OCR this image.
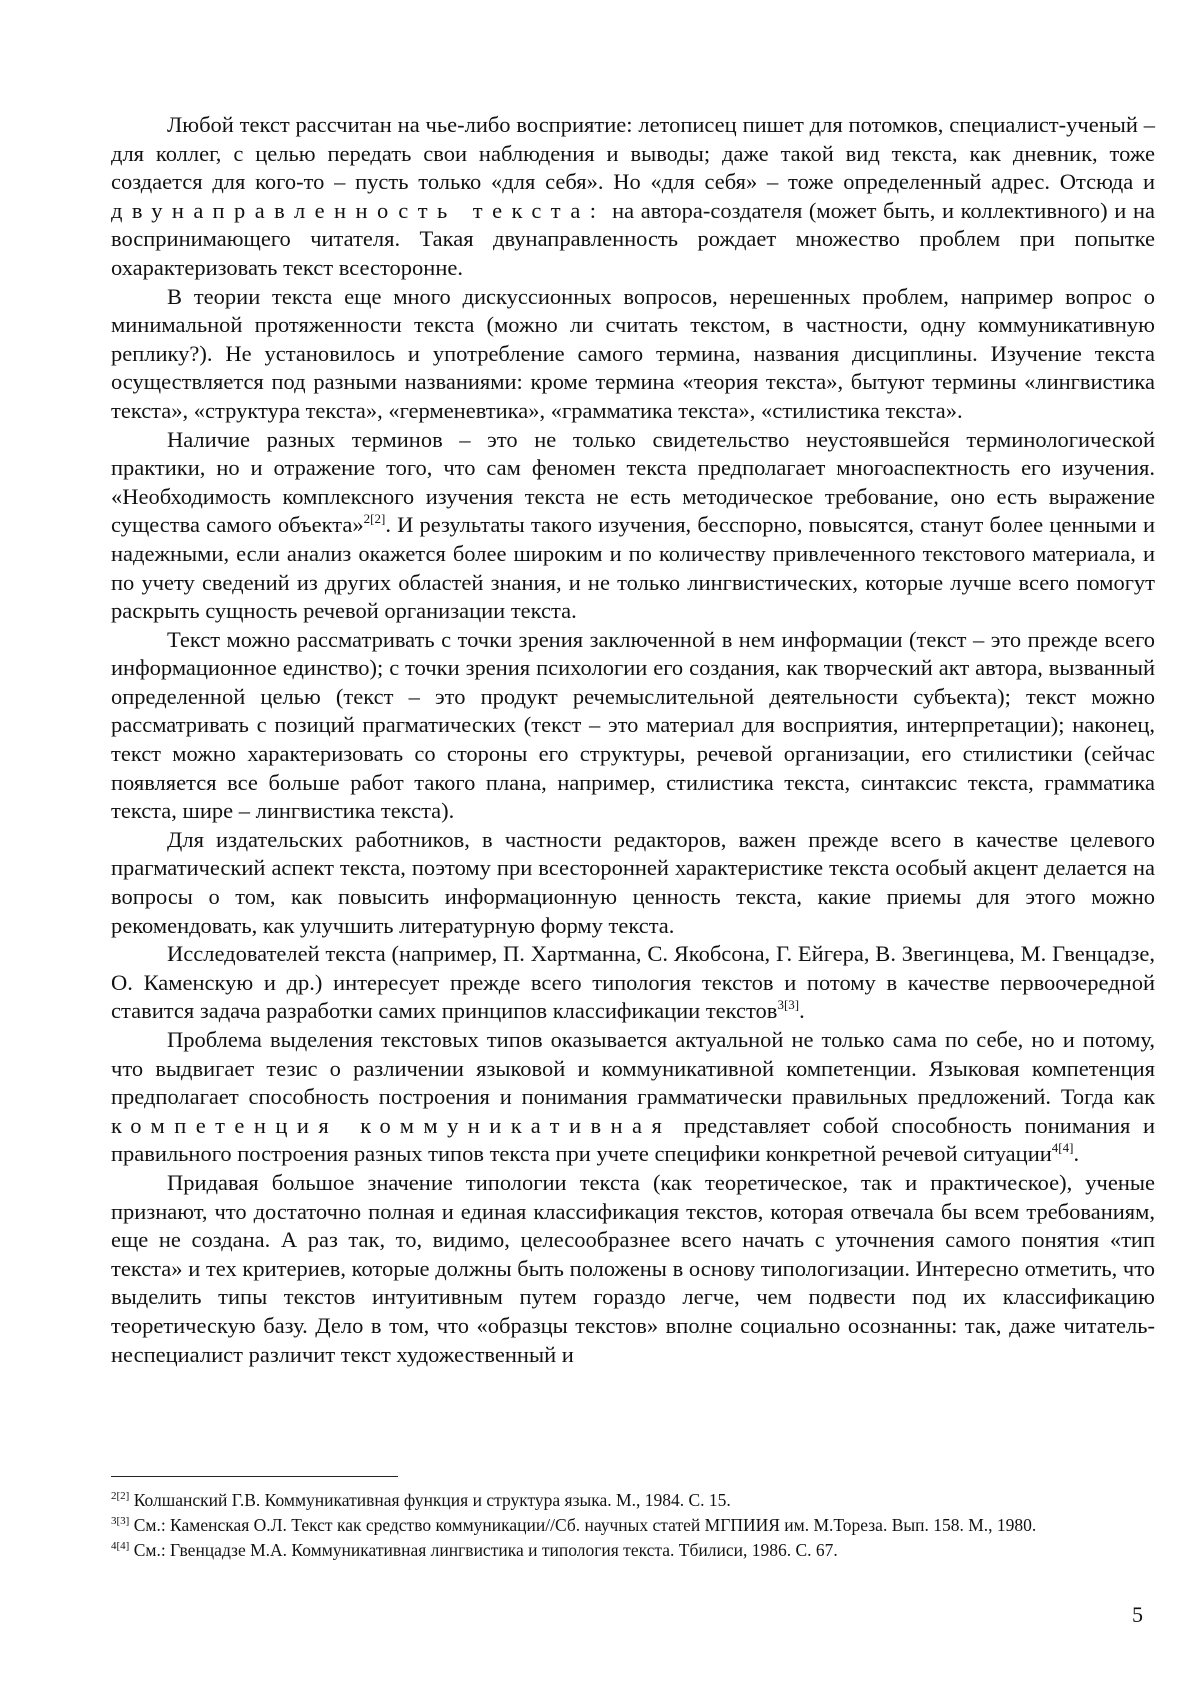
Любой текст рассчитан на чье-либо восприятие: летописец пишет для потомков, специалист-ученый – для коллег, с целью передать свои наблюдения и выводы; даже такой вид текста, как дневник, тоже создается для кого-то – пусть только «для себя». Но «для себя» – тоже определенный адрес. Отсюда и двунаправленность текста: на автора-создателя (может быть, и коллективного) и на воспринимающего читателя. Такая двунаправленность рождает множество проблем при попытке охарактеризовать текст всесторонне.

В теории текста еще много дискуссионных вопросов, нерешенных проблем, например вопрос о минимальной протяженности текста (можно ли считать текстом, в частности, одну коммуникативную реплику?). Не установилось и употребление самого термина, названия дисциплины. Изучение текста осуществляется под разными названиями: кроме термина «теория текста», бытуют термины «лингвистика текста», «структура текста», «герменевтика», «грамматика текста», «стилистика текста».

Наличие разных терминов – это не только свидетельство неустоявшейся терминологической практики, но и отражение того, что сам феномен текста предполагает многоаспектность его изучения. «Необходимость комплексного изучения текста не есть методическое требование, оно есть выражение существа самого объекта»$^{2[2]}$. И результаты такого изучения, бесспорно, повысятся, станут более ценными и надежными, если анализ окажется более широким и по количеству привлеченного текстового материала, и по учету сведений из других областей знания, и не только лингвистических, которые лучше всего помогут раскрыть сущность речевой организации текста.

Текст можно рассматривать с точки зрения заключенной в нем информации (текст – это прежде всего информационное единство); с точки зрения психологии его создания, как творческий акт автора, вызванный определенной целью (текст – это продукт речемыслительной деятельности субъекта); текст можно рассматривать с позиций прагматических (текст – это материал для восприятия, интерпретации); наконец, текст можно характеризовать со стороны его структуры, речевой организации, его стилистики (сейчас появляется все больше работ такого плана, например, стилистика текста, синтаксис текста, грамматика текста, шире – лингвистика текста).

Для издательских работников, в частности редакторов, важен прежде всего в качестве целевого прагматический аспект текста, поэтому при всесторонней характеристике текста особый акцент делается на вопросы о том, как повысить информационную ценность текста, какие приемы для этого можно рекомендовать, как улучшить литературную форму текста.

Исследователей текста (например, П. Хартманна, С. Якобсона, Г. Ейгера, В. Звегинцева, М. Гвенцадзе, О. Каменскую и др.) интересует прежде всего типология текстов и потому в качестве первоочередной ставится задача разработки самих принципов классификации текстов$^{3[3]}$.

Проблема выделения текстовых типов оказывается актуальной не только сама по себе, но и потому, что выдвигает тезис о различении языковой и коммуникативной компетенции. Языковая компетенция предполагает способность построения и понимания грамматически правильных предложений. Тогда как компетенция коммуникативная представляет собой способность понимания и правильного построения разных типов текста при учете специфики конкретной речевой ситуации$^{4[4]}$.

Придавая большое значение типологии текста (как теоретическое, так и практическое), ученые признают, что достаточно полная и единая классификация текстов, которая отвечала бы всем требованиям, еще не создана. А раз так, то, видимо, целесообразнее всего начать с уточнения самого понятия «тип текста» и тех критериев, которые должны быть положены в основу типологизации. Интересно отметить, что выделить типы текстов интуитивным путем гораздо легче, чем подвести под их классификацию теоретическую базу. Дело в том, что «образцы текстов» вполне социально осознанны: так, даже читатель-неспециалист различит текст художественный и

$^{2[2]}$ Колшанский Г.В. Коммуникативная функция и структура языка. М., 1984. С. 15.

$^{3[3]}$ См.: Каменская О.Л. Текст как средство коммуникации//Сб. научных статей МГПИИЯ им. М.Тореза. Вып. 158. М., 1980.

$^{4[4]}$ См.: Гвенцадзе М.А. Коммуникативная лингвистика и типология текста. Тбилиси, 1986. С. 67.

5
